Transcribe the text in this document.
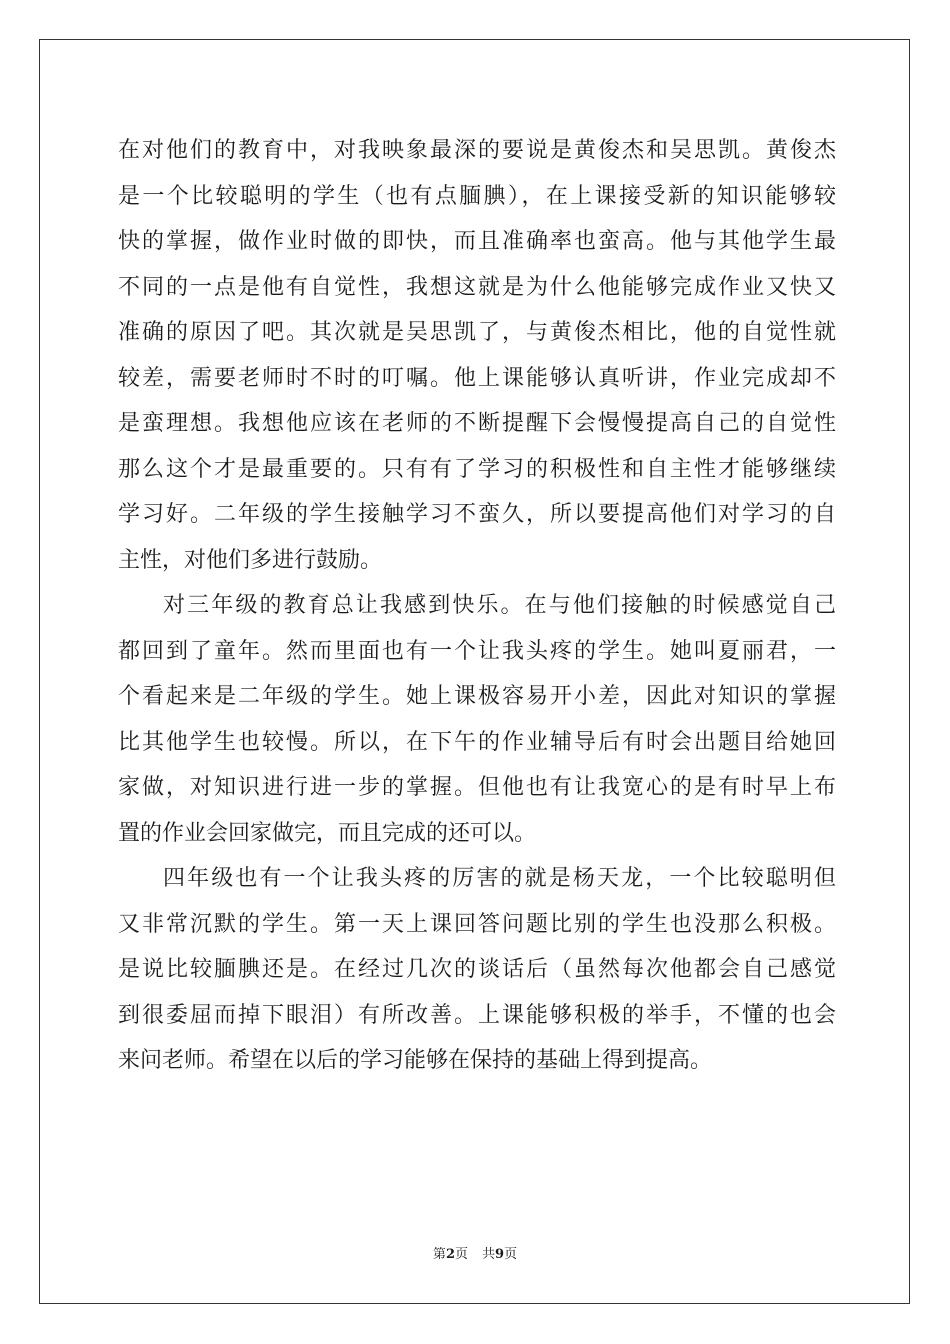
在对他们的教育中，对我映象最深的要说是黄俊杰和吴思凯。黄俊杰
是一个比较聪明的学生（也有点腼腆），在上课接受新的知识能够较
快的掌握，做作业时做的即快，而且准确率也蛮高。他与其他学生最
不同的一点是他有自觉性，我想这就是为什么他能够完成作业又快又
准确的原因了吧。其次就是吴思凯了，与黄俊杰相比，他的自觉性就
较差，需要老师时不时的叮嘱。他上课能够认真听讲，作业完成却不
是蛮理想。我想他应该在老师的不断提醒下会慢慢提高自己的自觉性
那么这个才是最重要的。只有有了学习的积极性和自主性才能够继续
学习好。二年级的学生接触学习不蛮久，所以要提高他们对学习的自
主性，对他们多进行鼓励。
对三年级的教育总让我感到快乐。在与他们接触的时候感觉自己
都回到了童年。然而里面也有一个让我头疼的学生。她叫夏丽君，一
个看起来是二年级的学生。她上课极容易开小差，因此对知识的掌握
比其他学生也较慢。所以，在下午的作业辅导后有时会出题目给她回
家做，对知识进行进一步的掌握。但他也有让我宽心的是有时早上布
置的作业会回家做完，而且完成的还可以。
四年级也有一个让我头疼的厉害的就是杨天龙，一个比较聪明但
又非常沉默的学生。第一天上课回答问题比别的学生也没那么积极。
是说比较腼腆还是。在经过几次的谈话后（虽然每次他都会自己感觉
到很委屈而掉下眼泪）有所改善。上课能够积极的举手，不懂的也会
来问老师。希望在以后的学习能够在保持的基础上得到提高。
第2页 共9页
